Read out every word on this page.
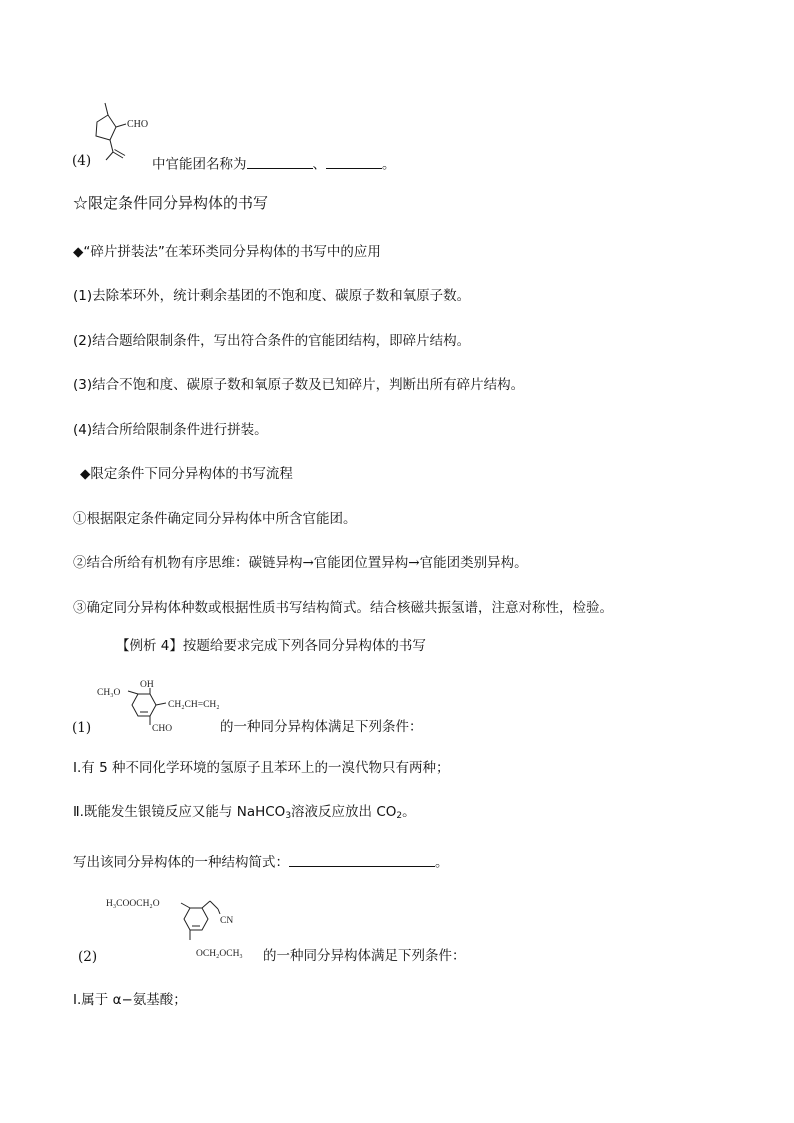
CHO
(4)	中官能团名称为	、	。
☆限定条件同分异构体的书写
◆“碎片拼装法”在苯环类同分异构体的书写中的应用
(1)去除苯环外，统计剩余基团的不饱和度、碳原子数和氧原子数。
(2)结合题给限制条件，写出符合条件的官能团结构，即碎片结构。
(3)结合不饱和度、碳原子数和氧原子数及已知碎片，判断出所有碎片结构。
(4)结合所给限制条件进行拼装。
◆限定条件下同分异构体的书写流程
①根据限定条件确定同分异构体中所含官能团。
②结合所给有机物有序思维：碳链异构→官能团位置异构→官能团类别异构。
③确定同分异构体种数或根据性质书写结构简式。结合核磁共振氢谱，注意对称性，检验。
【例析 4】按题给要求完成下列各同分异构体的书写
CH₃O
OH
CH₂CH=CH₂
CHO
(1)	的一种同分异构体满足下列条件：
Ⅰ.有 5 种不同化学环境的氢原子且苯环上的一溴代物只有两种；
Ⅱ.既能发生银镜反应又能与 NaHCO$_3$溶液反应放出 $CO_2$。
写出该同分异构体的一种结构简式：	。
H₃COOCH₂O
CN
OCH₂OCH₃
(2)	的一种同分异构体满足下列条件：
Ⅰ.属于 α−氨基酸；
